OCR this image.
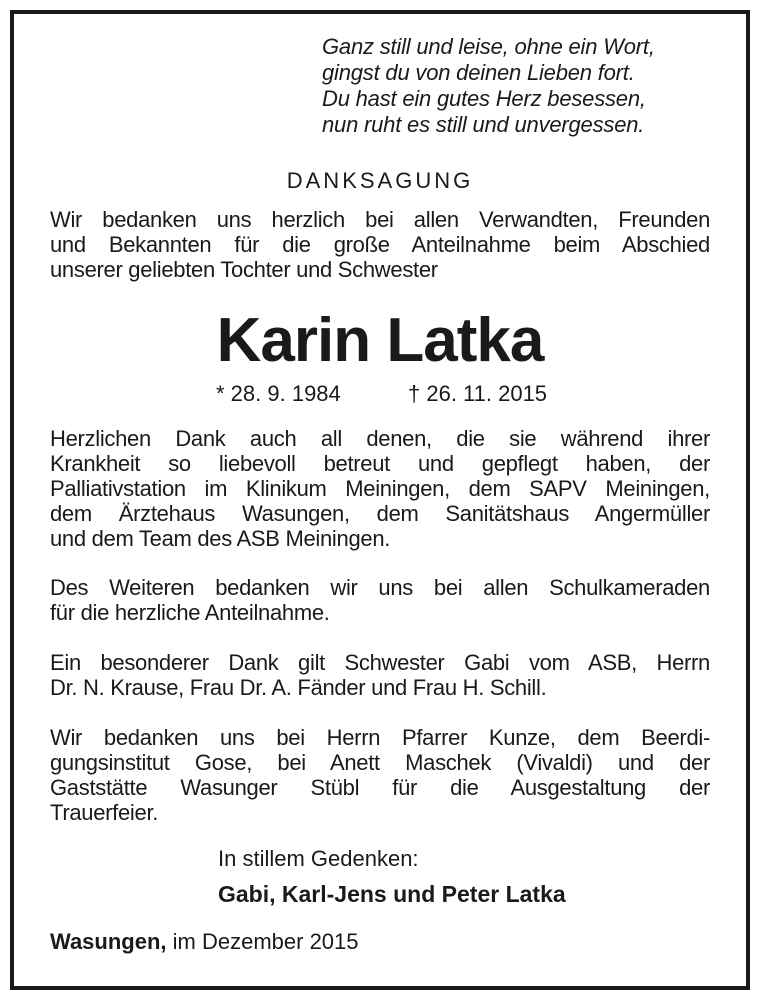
Ganz still und leise, ohne ein Wort,
gingst du von deinen Lieben fort.
Du hast ein gutes Herz besessen,
nun ruht es still und unvergessen.
DANKSAGUNG
Wir bedanken uns herzlich bei allen Verwandten, Freunden
und Bekannten für die große Anteilnahme beim Abschied
unserer geliebten Tochter und Schwester
Karin Latka
* 28. 9. 1984	† 26. 11. 2015
Herzlichen Dank auch all denen, die sie während ihrer
Krankheit so liebevoll betreut und gepflegt haben, der
Palliativstation im Klinikum Meiningen, dem SAPV Meiningen,
dem Ärztehaus Wasungen, dem Sanitätshaus Angermüller
und dem Team des ASB Meiningen.
Des Weiteren bedanken wir uns bei allen Schulkameraden
für die herzliche Anteilnahme.
Ein besonderer Dank gilt Schwester Gabi vom ASB, Herrn
Dr. N. Krause, Frau Dr. A. Fänder und Frau H. Schill.
Wir bedanken uns bei Herrn Pfarrer Kunze, dem Beerdi-
gungsinstitut Gose, bei Anett Maschek (Vivaldi) und der
Gaststätte Wasunger Stübl für die Ausgestaltung der
Trauerfeier.
In stillem Gedenken:
Gabi, Karl-Jens und Peter Latka
Wasungen, im Dezember 2015
